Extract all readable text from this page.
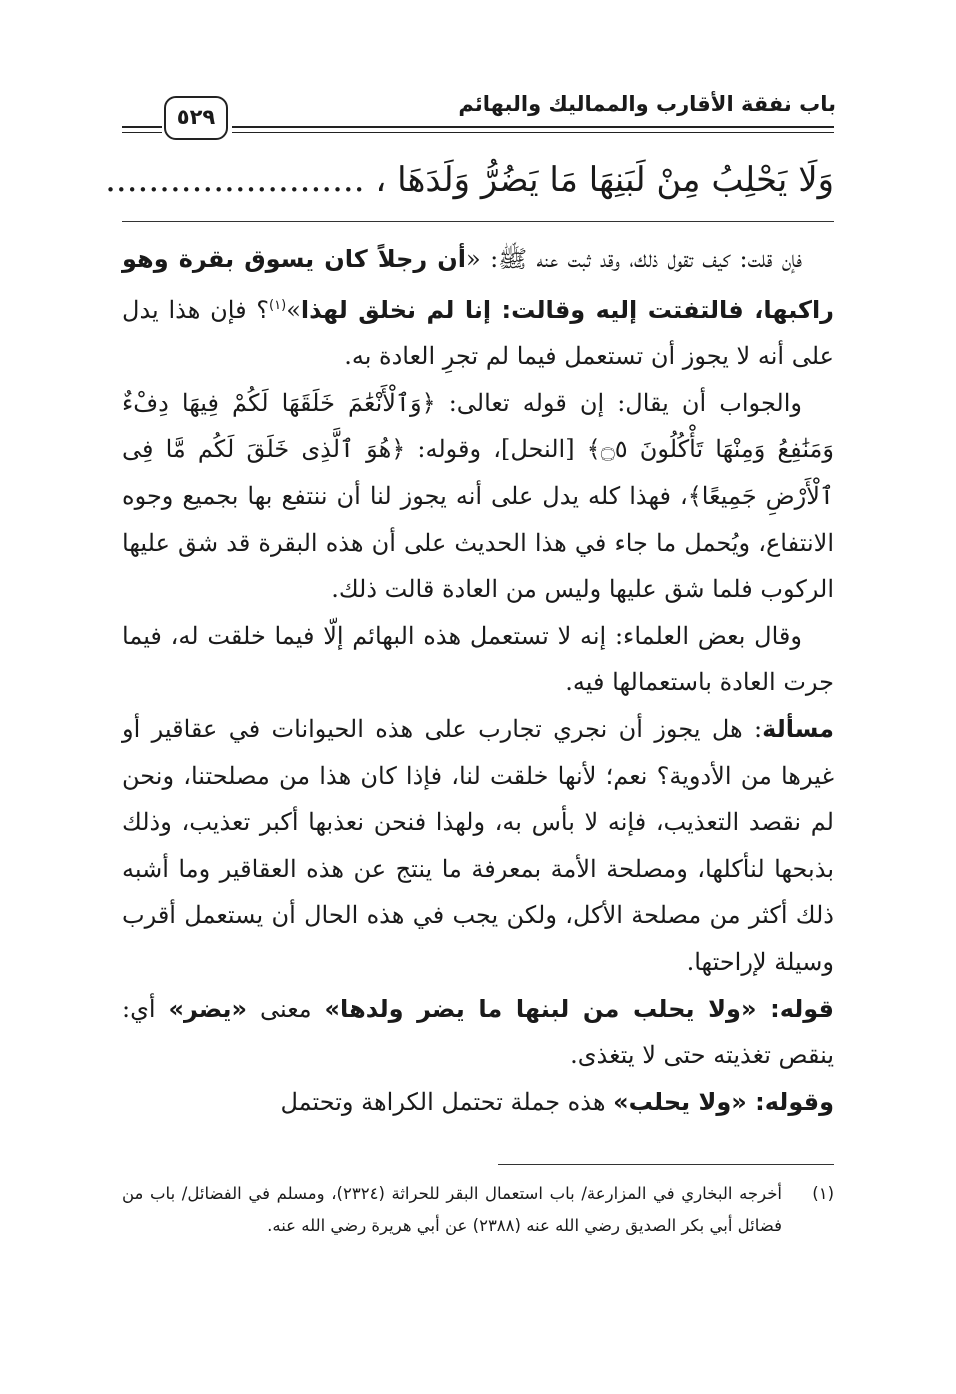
باب نفقة الأقارب والمماليك والبهائم
٥٢٩
وَلَا يَحْلِبُ مِنْ لَبَنِهَا مَا يَضُرُّ وَلَدَهَا ، ........................

فإن قلت: كيف تقول ذلك، وقد ثبت عنه ﷺ: «أن رجلاً كان يسوق بقرة وهو راكبها، فالتفتت إليه وقالت: إنا لم نخلق لهذا»$^{(١)}$؟ فإن هذا يدل على أنه لا يجوز أن تستعمل فيما لم تجرِ العادة به.

والجواب أن يقال: إن قوله تعالى: ﴿وَٱلْأَنْعَٰمَ خَلَقَهَا لَكُمْ فِيهَا دِفْءٌ وَمَنَٰفِعُ وَمِنْهَا تَأْكُلُونَ ۝٥﴾ [النحل]، وقوله: ﴿هُوَ ٱلَّذِى خَلَقَ لَكُم مَّا فِى ٱلْأَرْضِ جَمِيعًا﴾، فهذا كله يدل على أنه يجوز لنا أن ننتفع بها بجميع وجوه الانتفاع، ويُحمل ما جاء في هذا الحديث على أن هذه البقرة قد شق عليها الركوب فلما شق عليها وليس من العادة قالت ذلك.

وقال بعض العلماء: إنه لا تستعمل هذه البهائم إلّا فيما خلقت له، فيما جرت العادة باستعمالها فيه.

مسألة: هل يجوز أن نجري تجارب على هذه الحيوانات في عقاقير أو غيرها من الأدوية؟ نعم؛ لأنها خلقت لنا، فإذا كان هذا من مصلحتنا، ونحن لم نقصد التعذيب، فإنه لا بأس به، ولهذا فنحن نعذبها أكبر تعذيب، وذلك بذبحها لنأكلها، ومصلحة الأمة بمعرفة ما ينتج عن هذه العقاقير وما أشبه ذلك أكثر من مصلحة الأكل، ولكن يجب في هذه الحال أن يستعمل أقرب وسيلة لإراحتها.

قوله: «ولا يحلب من لبنها ما يضر ولدها» معنى «يضر» أي: ينقص تغذيته حتى لا يتغذى.

وقوله: «ولا يحلب» هذه جملة تحتمل الكراهة وتحتمل

(١)
أخرجه البخاري في المزارعة/ باب استعمال البقر للحراثة (٢٣٢٤)، ومسلم في الفضائل/ باب من فضائل أبي بكر الصديق رضي الله عنه (٢٣٨٨) عن أبي هريرة رضي الله عنه.
